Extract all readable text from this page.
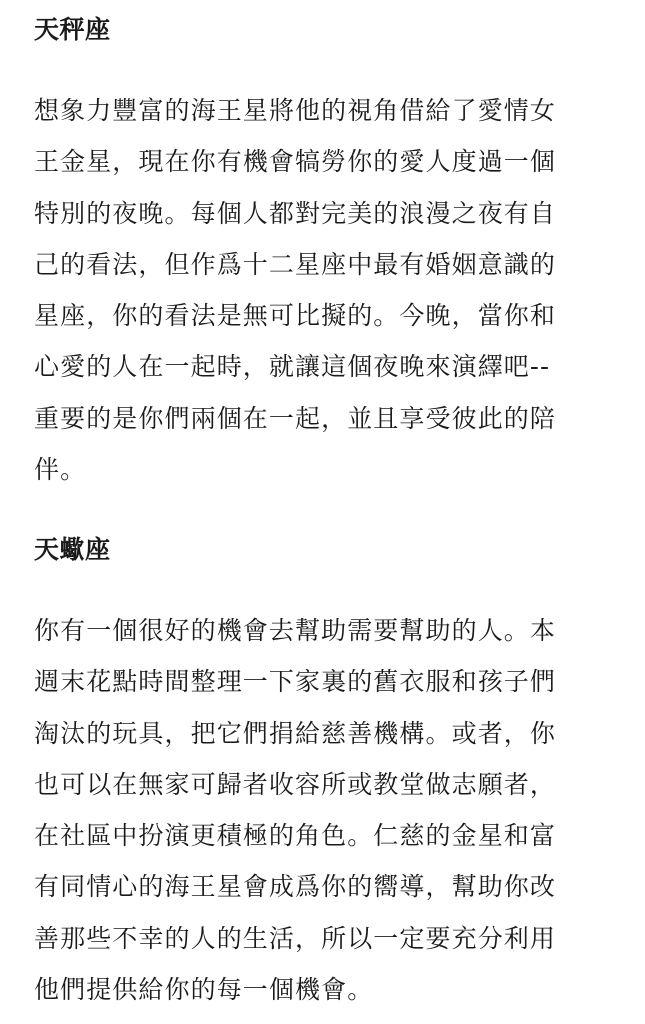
天秤座

想象力豐富的海王星將他的視角借給了愛情女
王金星，現在你有機會犒勞你的愛人度過一個
特別的夜晚。每個人都對完美的浪漫之夜有自
己的看法，但作爲十二星座中最有婚姻意識的
星座，你的看法是無可比擬的。今晚，當你和
心愛的人在一起時，就讓這個夜晚來演繹吧--
重要的是你們兩個在一起，並且享受彼此的陪
伴。

天蠍座

你有一個很好的機會去幫助需要幫助的人。本
週末花點時間整理一下家裏的舊衣服和孩子們
淘汰的玩具，把它們捐給慈善機構。或者，你
也可以在無家可歸者收容所或教堂做志願者，
在社區中扮演更積極的角色。仁慈的金星和富
有同情心的海王星會成爲你的嚮導，幫助你改
善那些不幸的人的生活，所以一定要充分利用
他們提供給你的每一個機會。
